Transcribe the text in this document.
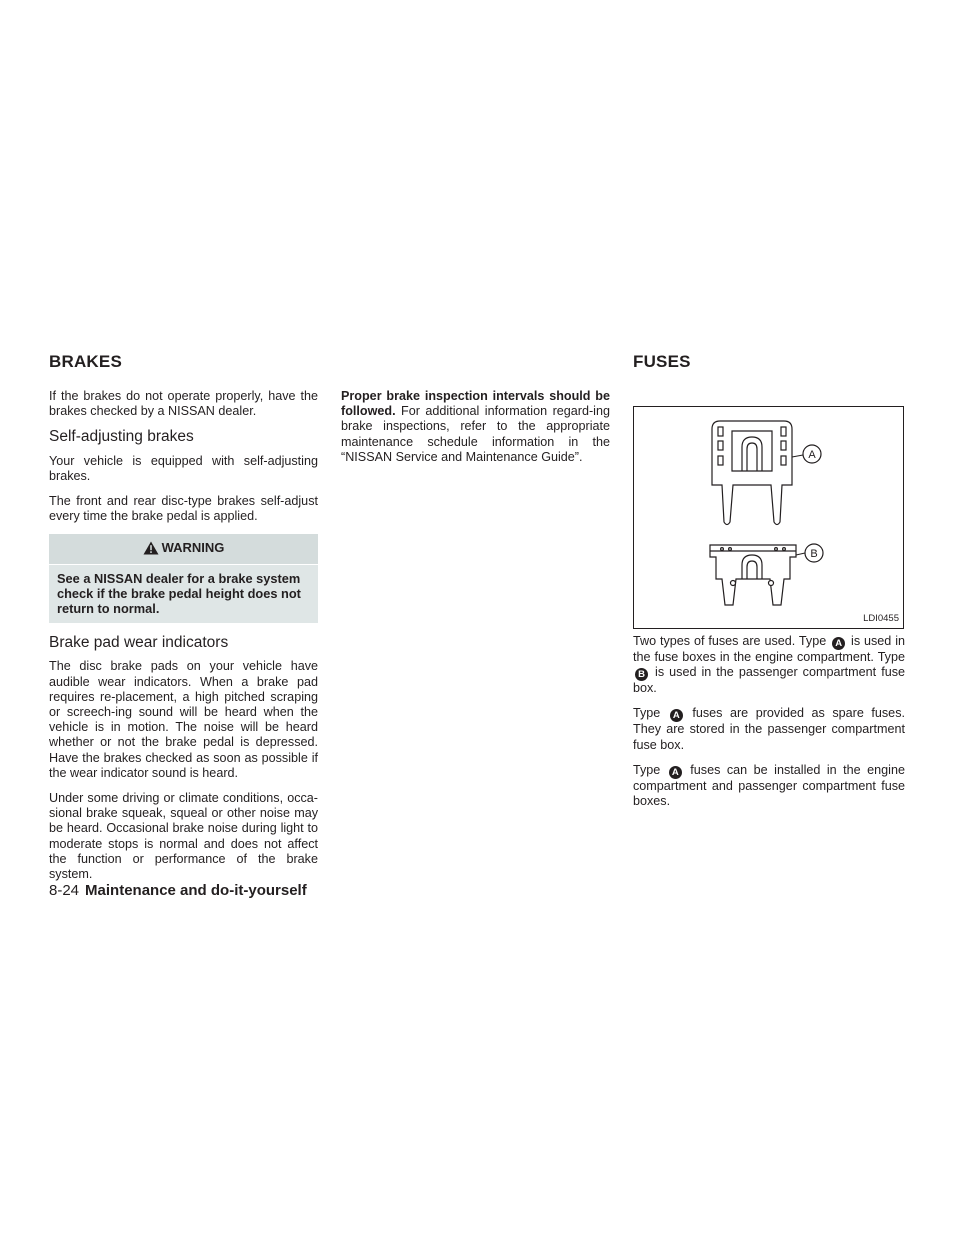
BRAKES	FUSES

If the brakes do not operate properly, have the brakes checked by a NISSAN dealer.

Self-adjusting brakes

Your vehicle is equipped with self-adjusting brakes.

The front and rear disc-type brakes self-adjust every time the brake pedal is applied.

WARNING
See a NISSAN dealer for a brake system check if the brake pedal height does not return to normal.
Brake pad wear indicators

The disc brake pads on your vehicle have audible wear indicators. When a brake pad requires re-placement, a high pitched scraping or screech-ing sound will be heard when the vehicle is in motion. The noise will be heard whether or not the brake pedal is depressed. Have the brakes checked as soon as possible if the wear indicator sound is heard.

Under some driving or climate conditions, occa-sional brake squeak, squeal or other noise may be heard. Occasional brake noise during light to moderate stops is normal and does not affect the function or performance of the brake system.

Proper brake inspection intervals should be followed. For additional information regard-ing brake inspections, refer to the appropriate maintenance schedule information in the “NISSAN Service and Maintenance Guide”.	A
B
LDI0455

Two types of fuses are used. Type A is used in the fuse boxes in the engine compartment. Type B is used in the passenger compartment fuse box.

Type A fuses are provided as spare fuses. They are stored in the passenger compartment fuse box.

Type A fuses can be installed in the engine compartment and passenger compartment fuse boxes.

8-24 Maintenance and do-it-yourself
